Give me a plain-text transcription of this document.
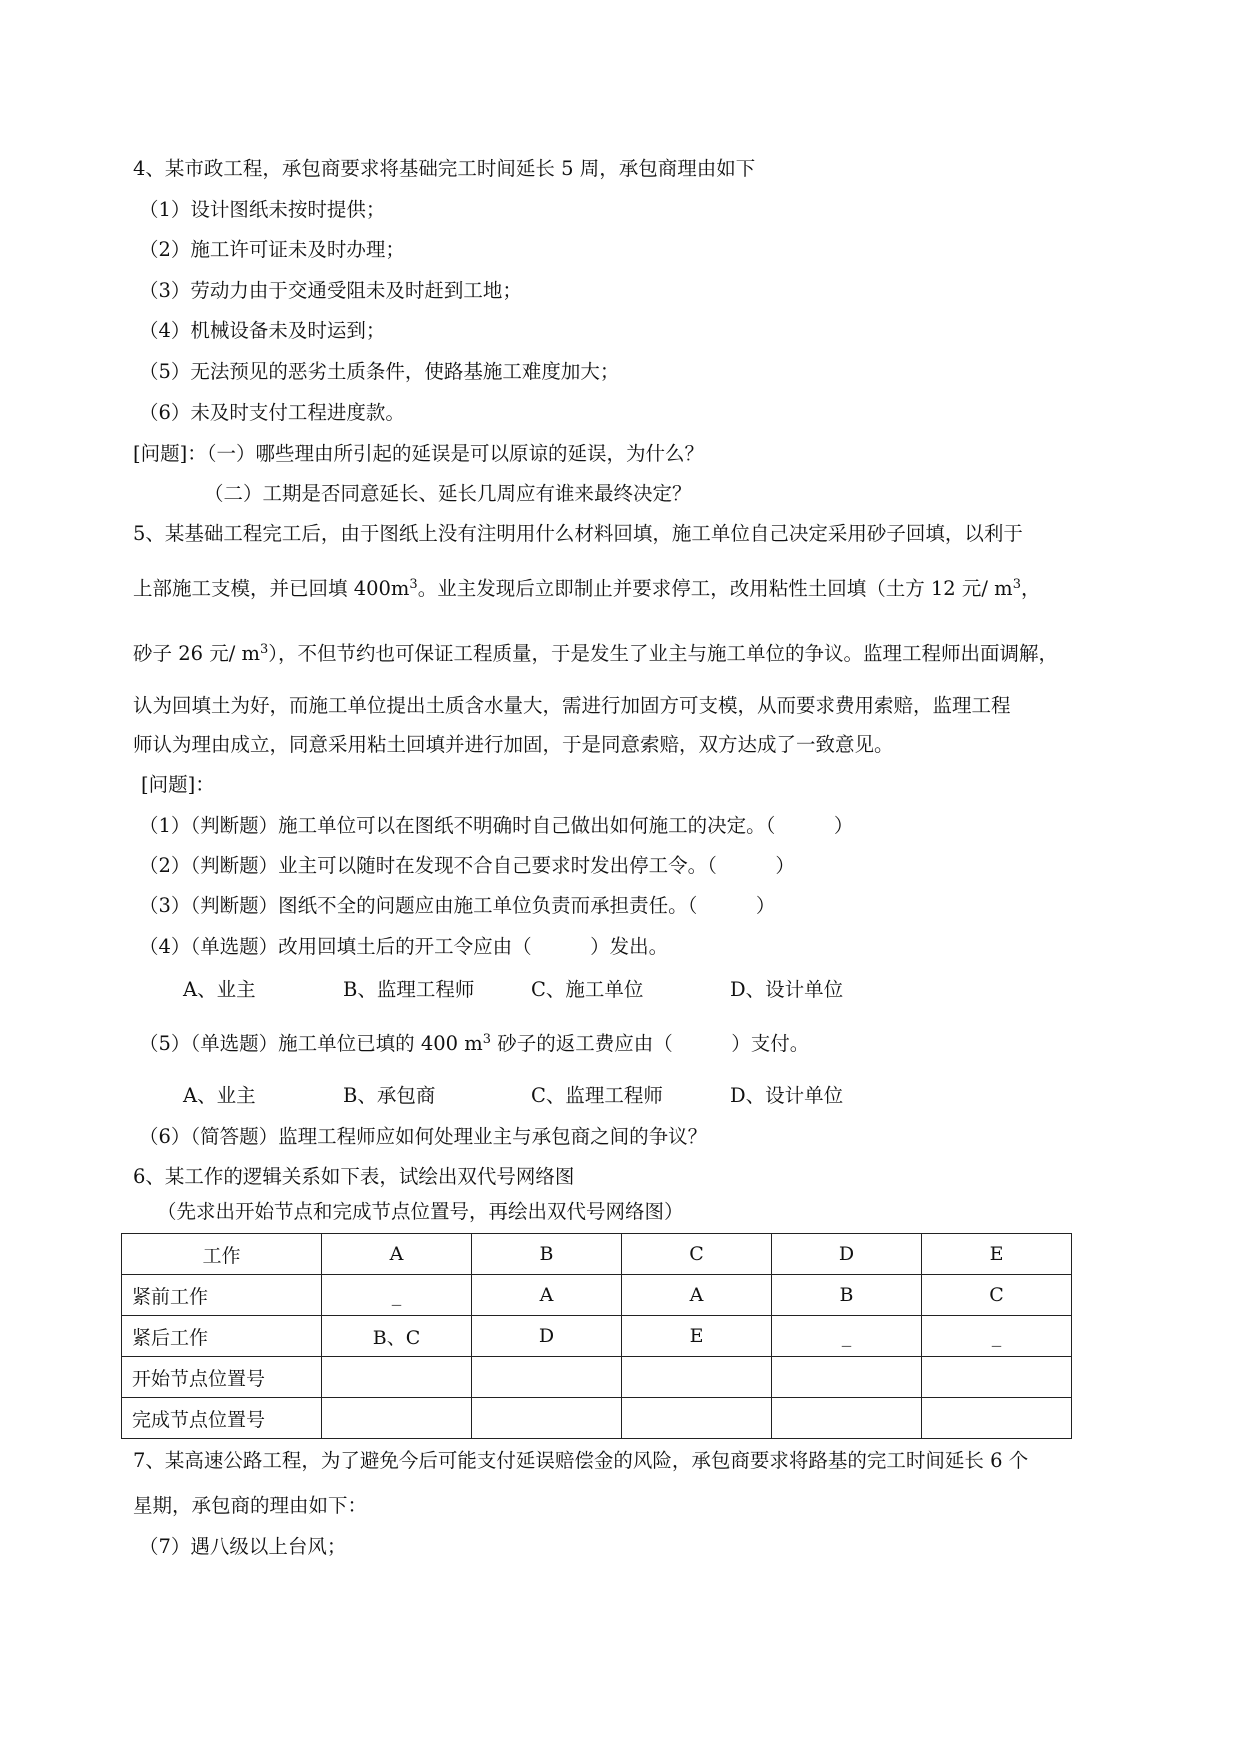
4、某市政工程，承包商要求将基础完工时间延长 5 周，承包商理由如下
（1）设计图纸未按时提供；
（2）施工许可证未及时办理；
（3）劳动力由于交通受阻未及时赶到工地；
（4）机械设备未及时运到；
（5）无法预见的恶劣土质条件，使路基施工难度加大；
（6）未及时支付工程进度款。
[问题]：（一）哪些理由所引起的延误是可以原谅的延误，为什么？
（二）工期是否同意延长、延长几周应有谁来最终决定？
5、某基础工程完工后，由于图纸上没有注明用什么材料回填，施工单位自己决定采用砂子回填，以利于
上部施工支模，并已回填 $400m^3$。业主发现后立即制止并要求停工，改用粘性土回填（土方 12 元/ $m^3$，
砂子 26 元/ $m^3$），不但节约也可保证工程质量，于是发生了业主与施工单位的争议。监理工程师出面调解，
认为回填土为好，而施工单位提出土质含水量大，需进行加固方可支模，从而要求费用索赔，监理工程
师认为理由成立，同意采用粘土回填并进行加固，于是同意索赔，双方达成了一致意见。
[问题]：
（1）（判断题）施工单位可以在图纸不明确时自己做出如何施工的决定。（　　　）
（2）（判断题）业主可以随时在发现不合自己要求时发出停工令。（　　　）
（3）（判断题）图纸不全的问题应由施工单位负责而承担责任。（　　　）
（4）（单选题）改用回填土后的开工令应由（　　　）发出。
A、业主	B、监理工程师	C、施工单位	D、设计单位
（5）（单选题）施工单位已填的 400 $m^3$ 砂子的返工费应由（　　　）支付。
A、业主	B、承包商	C、监理工程师	D、设计单位
（6）（简答题）监理工程师应如何处理业主与承包商之间的争议？
6、某工作的逻辑关系如下表，试绘出双代号网络图
（先求出开始节点和完成节点位置号，再绘出双代号网络图）
工作	A	B	C	D	E
紧前工作	_	A	A	B	C
紧后工作	B、C	D	E	_	_
开始节点位置号					
完成节点位置号					
7、某高速公路工程，为了避免今后可能支付延误赔偿金的风险，承包商要求将路基的完工时间延长 6 个
星期，承包商的理由如下：
（7）遇八级以上台风；
